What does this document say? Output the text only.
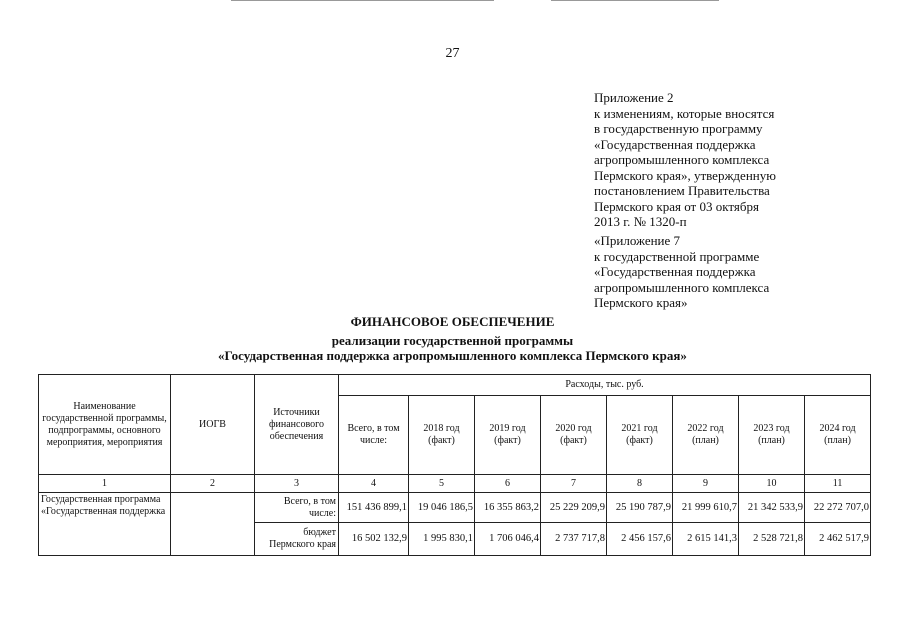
27
Приложение 2
к изменениям, которые вносятся
в государственную программу
«Государственная поддержка
агропромышленного комплекса
Пермского края», утвержденную
постановлением Правительства
Пермского края от 03 октября
2013 г. № 1320-п
«Приложение 7
к государственной программе
«Государственная поддержка
агропромышленного комплекса
Пермского края»
ФИНАНСОВОЕ ОБЕСПЕЧЕНИЕ
реализации государственной программы
«Государственная поддержка агропромышленного комплекса Пермского края»
Наименование государственной программы, подпрограммы, основного мероприятия, мероприятия	ИОГВ	Источники финансового обеспечения	Расходы, тыс. руб.							
			Всего, в том числе:	2018 год (факт)	2019 год (факт)	2020 год (факт)	2021 год (факт)	2022 год (план)	2023 год (план)	2024 год (план)
1	2	3	4	5	6	7	8	9	10	11
Государственная программа «Государственная поддержка		Всего, в том числе:	151 436 899,1	19 046 186,5	16 355 863,2	25 229 209,9	25 190 787,9	21 999 610,7	21 342 533,9	22 272 707,0
		бюджет Пермского края	16 502 132,9	1 995 830,1	1 706 046,4	2 737 717,8	2 456 157,6	2 615 141,3	2 528 721,8	2 462 517,9
